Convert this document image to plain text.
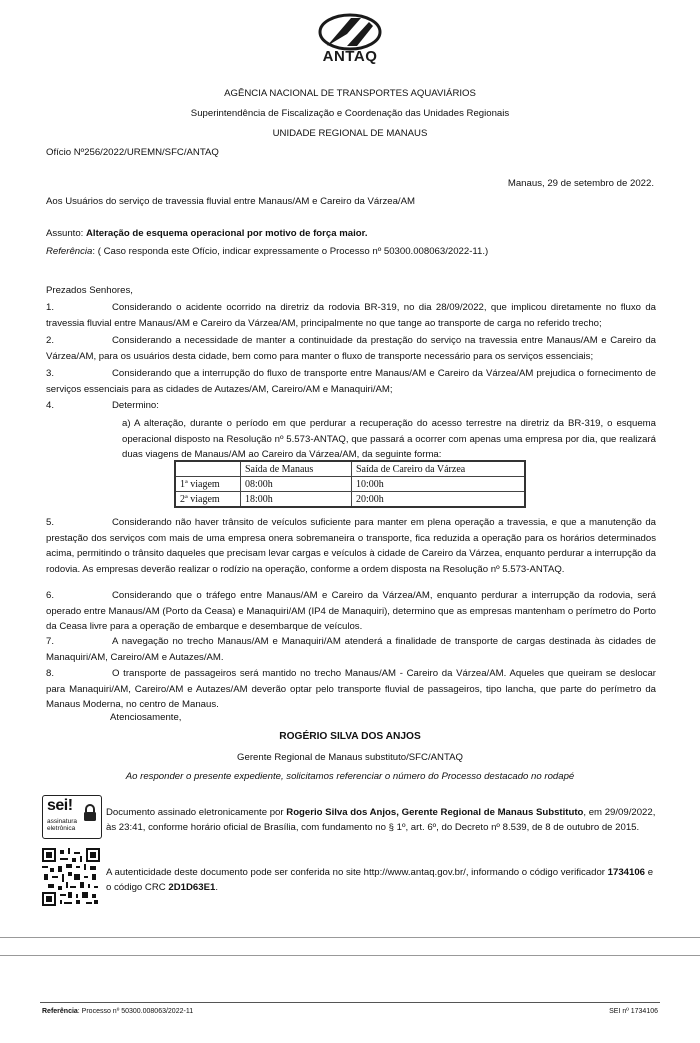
ANTAQ
AGÊNCIA NACIONAL DE TRANSPORTES AQUAVIÁRIOS
Superintendência de Fiscalização e Coordenação das Unidades Regionais
UNIDADE REGIONAL DE MANAUS
Ofício Nº256/2022/UREMN/SFC/ANTAQ
Manaus, 29 de setembro de 2022.
Aos Usuários do serviço de travessia fluvial entre Manaus/AM e Careiro da Várzea/AM
Assunto: Alteração de esquema operacional por motivo de força maior.
Referência: ( Caso responda este Ofício, indicar expressamente o Processo nº 50300.008063/2022-11.)
Prezados Senhores,
1.	Considerando o acidente ocorrido na diretriz da rodovia BR-319, no dia 28/09/2022, que implicou diretamente no fluxo da travessia fluvial entre Manaus/AM e Careiro da Várzea/AM, principalmente no que tange ao transporte de carga no referido trecho;
2.	Considerando a necessidade de manter a continuidade da prestação do serviço na travessia entre Manaus/AM e Careiro da Várzea/AM, para os usuários desta cidade, bem como para manter o fluxo de transporte necessário para os serviços essenciais;
3.	Considerando que a interrupção do fluxo de transporte entre Manaus/AM e Careiro da Várzea/AM prejudica o fornecimento de serviços essenciais para as cidades de Autazes/AM, Careiro/AM e Manaquiri/AM;
4.	Determino:
a) A alteração, durante o período em que perdurar a recuperação do acesso terrestre na diretriz da BR-319, o esquema operacional disposto na Resolução nº 5.573-ANTAQ, que passará a ocorrer com apenas uma empresa por dia, que realizará duas viagens de Manaus/AM ao Careiro da Várzea/AM, da seguinte forma:
	Saída de Manaus	Saída de Careiro da Várzea
1ª viagem	08:00h	10:00h
2ª viagem	18:00h	20:00h
5.	Considerando não haver trânsito de veículos suficiente para manter em plena operação a travessia, e que a manutenção da prestação dos serviços com mais de uma empresa onera sobremaneira o transporte, fica reduzida a operação para os horários determinados acima, permitindo o trânsito daqueles que precisam levar cargas e veículos à cidade de Careiro da Várzea, enquanto perdurar a interrupção da rodovia. As empresas deverão realizar o rodízio na operação, conforme a ordem disposta na Resolução nº 5.573-ANTAQ.
6.	Considerando que o tráfego entre Manaus/AM e Careiro da Várzea/AM, enquanto perdurar a interrupção da rodovia, será operado entre Manaus/AM (Porto da Ceasa) e Manaquiri/AM (IP4 de Manaquiri), determino que as empresas mantenham o perímetro do Porto da Ceasa livre para a operação de embarque e desembarque de veículos.
7.	A navegação no trecho Manaus/AM e Manaquiri/AM atenderá a finalidade de transporte de cargas destinada às cidades de Manaquiri/AM, Careiro/AM e Autazes/AM.
8.	O transporte de passageiros será mantido no trecho Manaus/AM - Careiro da Várzea/AM. Aqueles que queiram se deslocar para Manaquiri/AM, Careiro/AM e Autazes/AM deverão optar pelo transporte fluvial de passageiros, tipo lancha, que parte do perímetro da Manaus Moderna, no centro de Manaus.
Atenciosamente,
ROGÉRIO SILVA DOS ANJOS
Gerente Regional de Manaus substituto/SFC/ANTAQ
Ao responder o presente expediente, solicitamos referenciar o número do Processo destacado no rodapé
sei!
assinatura
eletrônica
Documento assinado eletronicamente por Rogerio Silva dos Anjos, Gerente Regional de Manaus Substituto, em 29/09/2022, às 23:41, conforme horário oficial de Brasília, com fundamento no § 1º, art. 6º, do Decreto nº 8.539, de 8 de outubro de 2015.
A autenticidade deste documento pode ser conferida no site http://www.antaq.gov.br/, informando o código verificador 1734106 e o código CRC 2D1D63E1.
Referência: Processo nº 50300.008063/2022-11	SEI nº 1734106
